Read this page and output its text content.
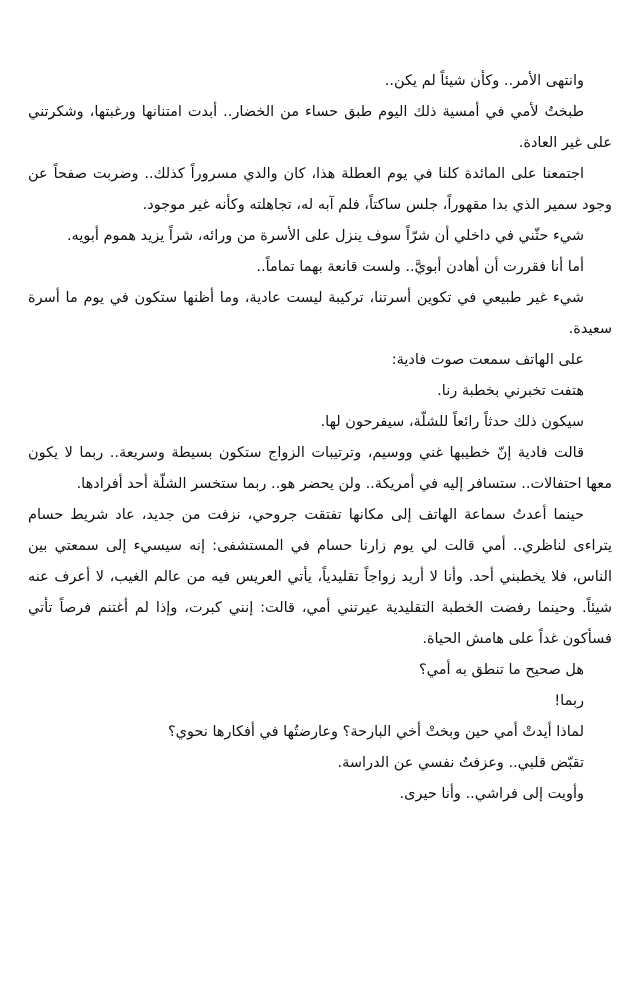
وانتهى الأمر.. وكأن شيئاً لم يكن..

طبختُ لأمي في أمسية ذلك اليوم طبق حساء من الخضار.. أبدت امتنانها ورغبتها، وشكرتني على غير العادة.

اجتمعنا على المائدة كلنا في يوم العطلة هذا، كان والدي مسروراً كذلك.. وضربت صفحاً عن وجود سمير الذي بدا مقهوراً، جلس ساكتاً، فلم آبه له، تجاهلته وكأنه غير موجود.

شيء حثّني في داخلي أن شرّاً سوف ينزل على الأسرة من ورائه، شراً يزيد هموم أبويه.

أما أنا فقررت أن أهادن أبويَّ.. ولست قانعة بهما تماماً..

شيء غير طبيعي في تكوين أسرتنا، تركيبة ليست عادية، وما أظنها ستكون في يوم ما أسرة سعيدة.

على الهاتف سمعت صوت فادية:

هتفت تخبرني بخطبة رنا.

سيكون ذلك حدثاً رائعاً للشلّة، سيفرحون لها.

قالت فادية إنّ خطيبها غني ووسيم، وترتيبات الزواج ستكون بسيطة وسريعة.. ربما لا يكون معها احتفالات.. ستسافر إليه في أمريكة.. ولن يحضر هو.. ربما ستخسر الشلّة أحد أفرادها.

حينما أعدتُ سماعة الهاتف إلى مكانها تفتقت جروحي، نزفت من جديد، عاد شريط حسام يتراءى لناظري.. أمي قالت لي يوم زارنا حسام في المستشفى: إنه سيسيء إلى سمعتي بين الناس، فلا يخطبني أحد. وأنا لا أريد زواجاً تقليدياً، يأتي العريس فيه من عالم الغيب، لا أعرف عنه شيئاً. وحينما رفضت الخطبة التقليدية عيرتني أمي، قالت: إنني كبرت، وإذا لم أغتنم فرصاً تأتي فسأكون غداً على هامش الحياة.

هل صحيح ما تنطق به أمي؟

ربما!

لماذا أيدتْ أمي حين وبختْ أخي البارحة؟ وعارضتُها في أفكارها نحوي؟

تقبّض قلبي.. وعزفتُ نفسي عن الدراسة.

وأويت إلى فراشي.. وأنا حيرى.
